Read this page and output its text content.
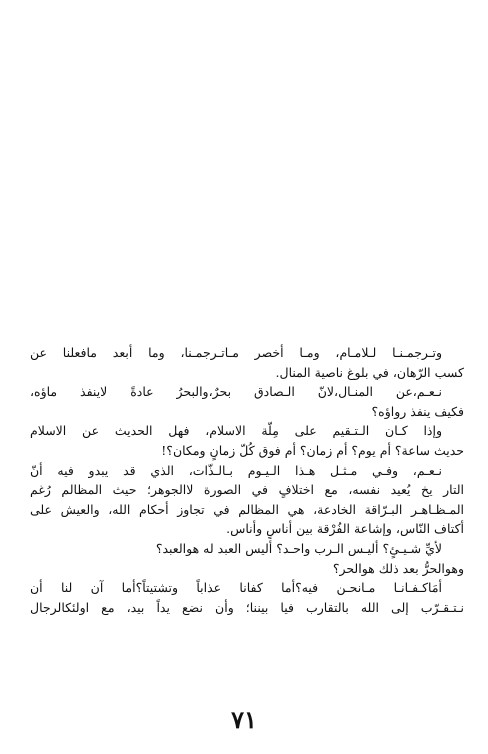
وتـرجمـنـا لـلامـام، ومـا أخصر مـاتـرجمـنا، وما أبعد مافعلنا عن
كسب الرّهان، في بلوغ ناصية المنال.
نـعـم،عن المنـال،لانّ الـصادق بحرٌ،والبحرُ عادةً لاينفذ ماؤه،
فكيف ينفذ رواؤه؟
وإذا كـان الـتـقيم على مِلّة الاسلام، فهل الحديث عن الاسلام
حديث ساعة؟ أم يوم؟ أم زمان؟ أم فوق كُلّ زمانٍ ومكان؟!
نـعـم، وفـي مـثـل هـذا الـيـوم بـالـذّات، الذي قد يبدو فيه أنّ
التار يخ يُعيد نفسه، مع اختلافٍ في الصورة لاالجوهر؛ حيث المظالم رُغم
المـظـاهـر البـرّاقة الخادعة، هي المظالم في تجاوز أحكام الله، والعيش على
أكتاف النّاس، وإشاعة الفُرْقة بين أناسٍ وأناس.
لأيِّ شـيـئٍ؟ أليـس الـرب واحـد؟ أليس العبد له هوالعبد؟
وهوالحرُّ بعد ذلك هوالحر؟
أمَاكـفـانـا مـانحـن فيه؟أما كفانا عذاباً وتشتيتاً؟أما آن لنا أن
نـتـقـرّب إلى الله بالتقارب فيا بيننا؛ وأن نضع يداً بيد، مع اولئكالرجال
٧١
